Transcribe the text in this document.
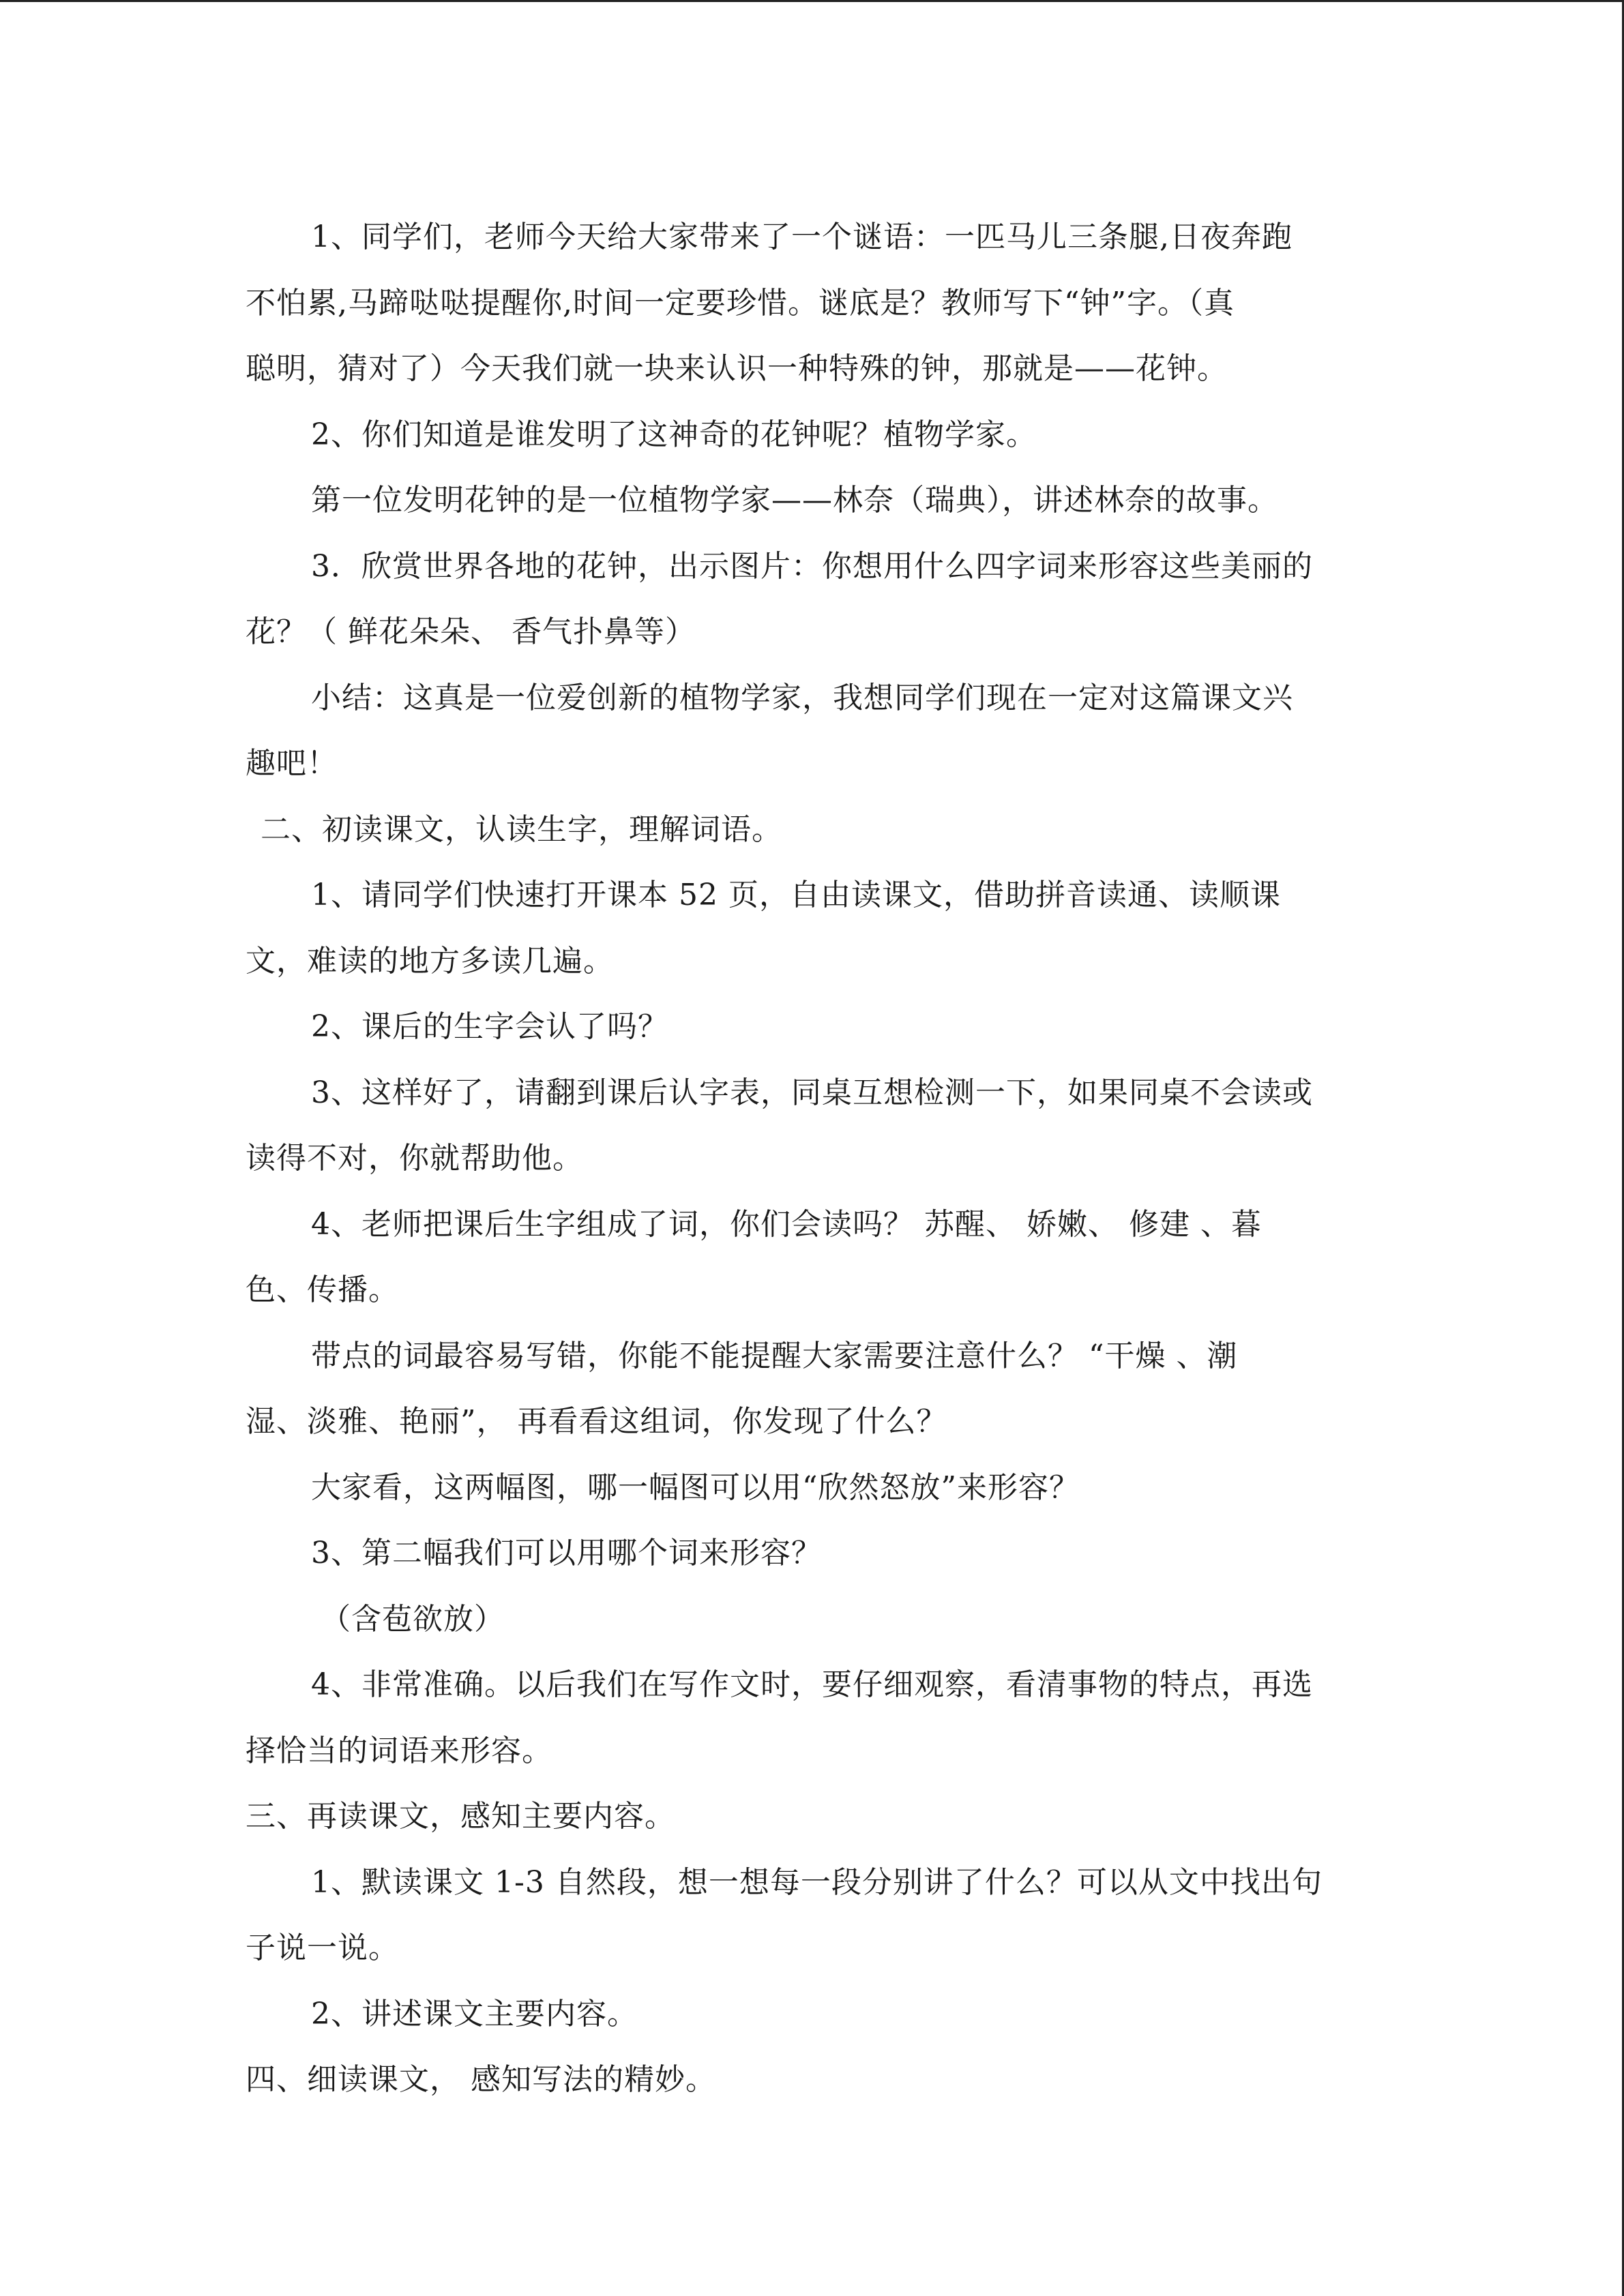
1、同学们，老师今天给大家带来了一个谜语：一匹马儿三条腿,日夜奔跑
不怕累,马蹄哒哒提醒你,时间一定要珍惜。谜底是？教师写下“钟”字。（真
聪明，猜对了）今天我们就一块来认识一种特殊的钟，那就是——花钟。
2、你们知道是谁发明了这神奇的花钟呢？植物学家。
第一位发明花钟的是一位植物学家——林奈（瑞典），讲述林奈的故事。
3．欣赏世界各地的花钟，出示图片：你想用什么四字词来形容这些美丽的
花？（ 鲜花朵朵、 香气扑鼻等）
小结：这真是一位爱创新的植物学家，我想同学们现在一定对这篇课文兴
趣吧！
二、初读课文，认读生字，理解词语。
1、请同学们快速打开课本 52 页，自由读课文，借助拼音读通、读顺课
文，难读的地方多读几遍。
2、课后的生字会认了吗？
3、这样好了，请翻到课后认字表，同桌互想检测一下，如果同桌不会读或
读得不对，你就帮助他。
4、老师把课后生字组成了词，你们会读吗？ 苏醒、 娇嫩、 修建 、暮
色、传播。
带点的词最容易写错，你能不能提醒大家需要注意什么？ “干燥 、潮
湿、淡雅、艳丽”， 再看看这组词，你发现了什么？
大家看，这两幅图，哪一幅图可以用“欣然怒放”来形容？
3、第二幅我们可以用哪个词来形容？
（含苞欲放）
4、非常准确。以后我们在写作文时，要仔细观察，看清事物的特点，再选
择恰当的词语来形容。
三、再读课文，感知主要内容。
1、默读课文 1-3 自然段，想一想每一段分别讲了什么？可以从文中找出句
子说一说。
2、讲述课文主要内容。
四、细读课文， 感知写法的精妙。
